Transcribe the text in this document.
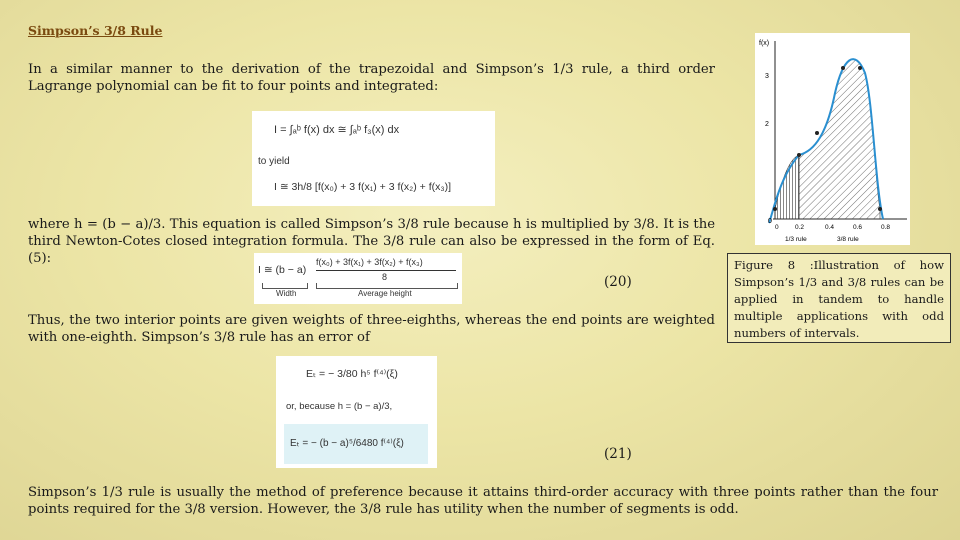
Simpson’s 3/8 Rule
In a similar manner to the derivation of the trapezoidal and Simpson’s 1/3 rule, a third order Lagrange polynomial can be fit to four points and integrated:
I = ∫ₐᵇ f(x) dx ≅ ∫ₐᵇ f₃(x) dx
to yield
I ≅ 3h/8 [f(x₀) + 3 f(x₁) + 3 f(x₂) + f(x₃)]
where h = (b − a)/3. This equation is called Simpson’s 3/8 rule because h is multiplied by 3/8. It is the third Newton-Cotes closed integration formula. The 3/8 rule can also be expressed in the form of Eq. (5):
I ≅ (b − a)
f(x₀) + 3f(x₁) + 3f(x₂) + f(x₃)
8
Width	Average height
(20)
Thus, the two interior points are given weights of three-eighths, whereas the end points are weighted with one-eighth. Simpson’s 3/8 rule has an error of
Eₜ = − 3/80 h⁵ f⁽⁴⁾(ξ)
or, because h = (b − a)/3,
Eₜ = − (b − a)⁵/6480 f⁽⁴⁾(ξ)
(21)
Simpson’s 1/3 rule is usually the method of preference because it attains third-order accuracy with three points rather than the four points required for the 3/8 version. However, the 3/8 rule has utility when the number of segments is odd.
f(x)
3
2
0
0	0.2	0.4	0.6	0.8
1/3 rule	3/8 rule
Figure 8 :Illustration of how Simpson’s 1/3 and 3/8 rules can be applied in tandem to handle multiple applications with odd numbers of intervals.
